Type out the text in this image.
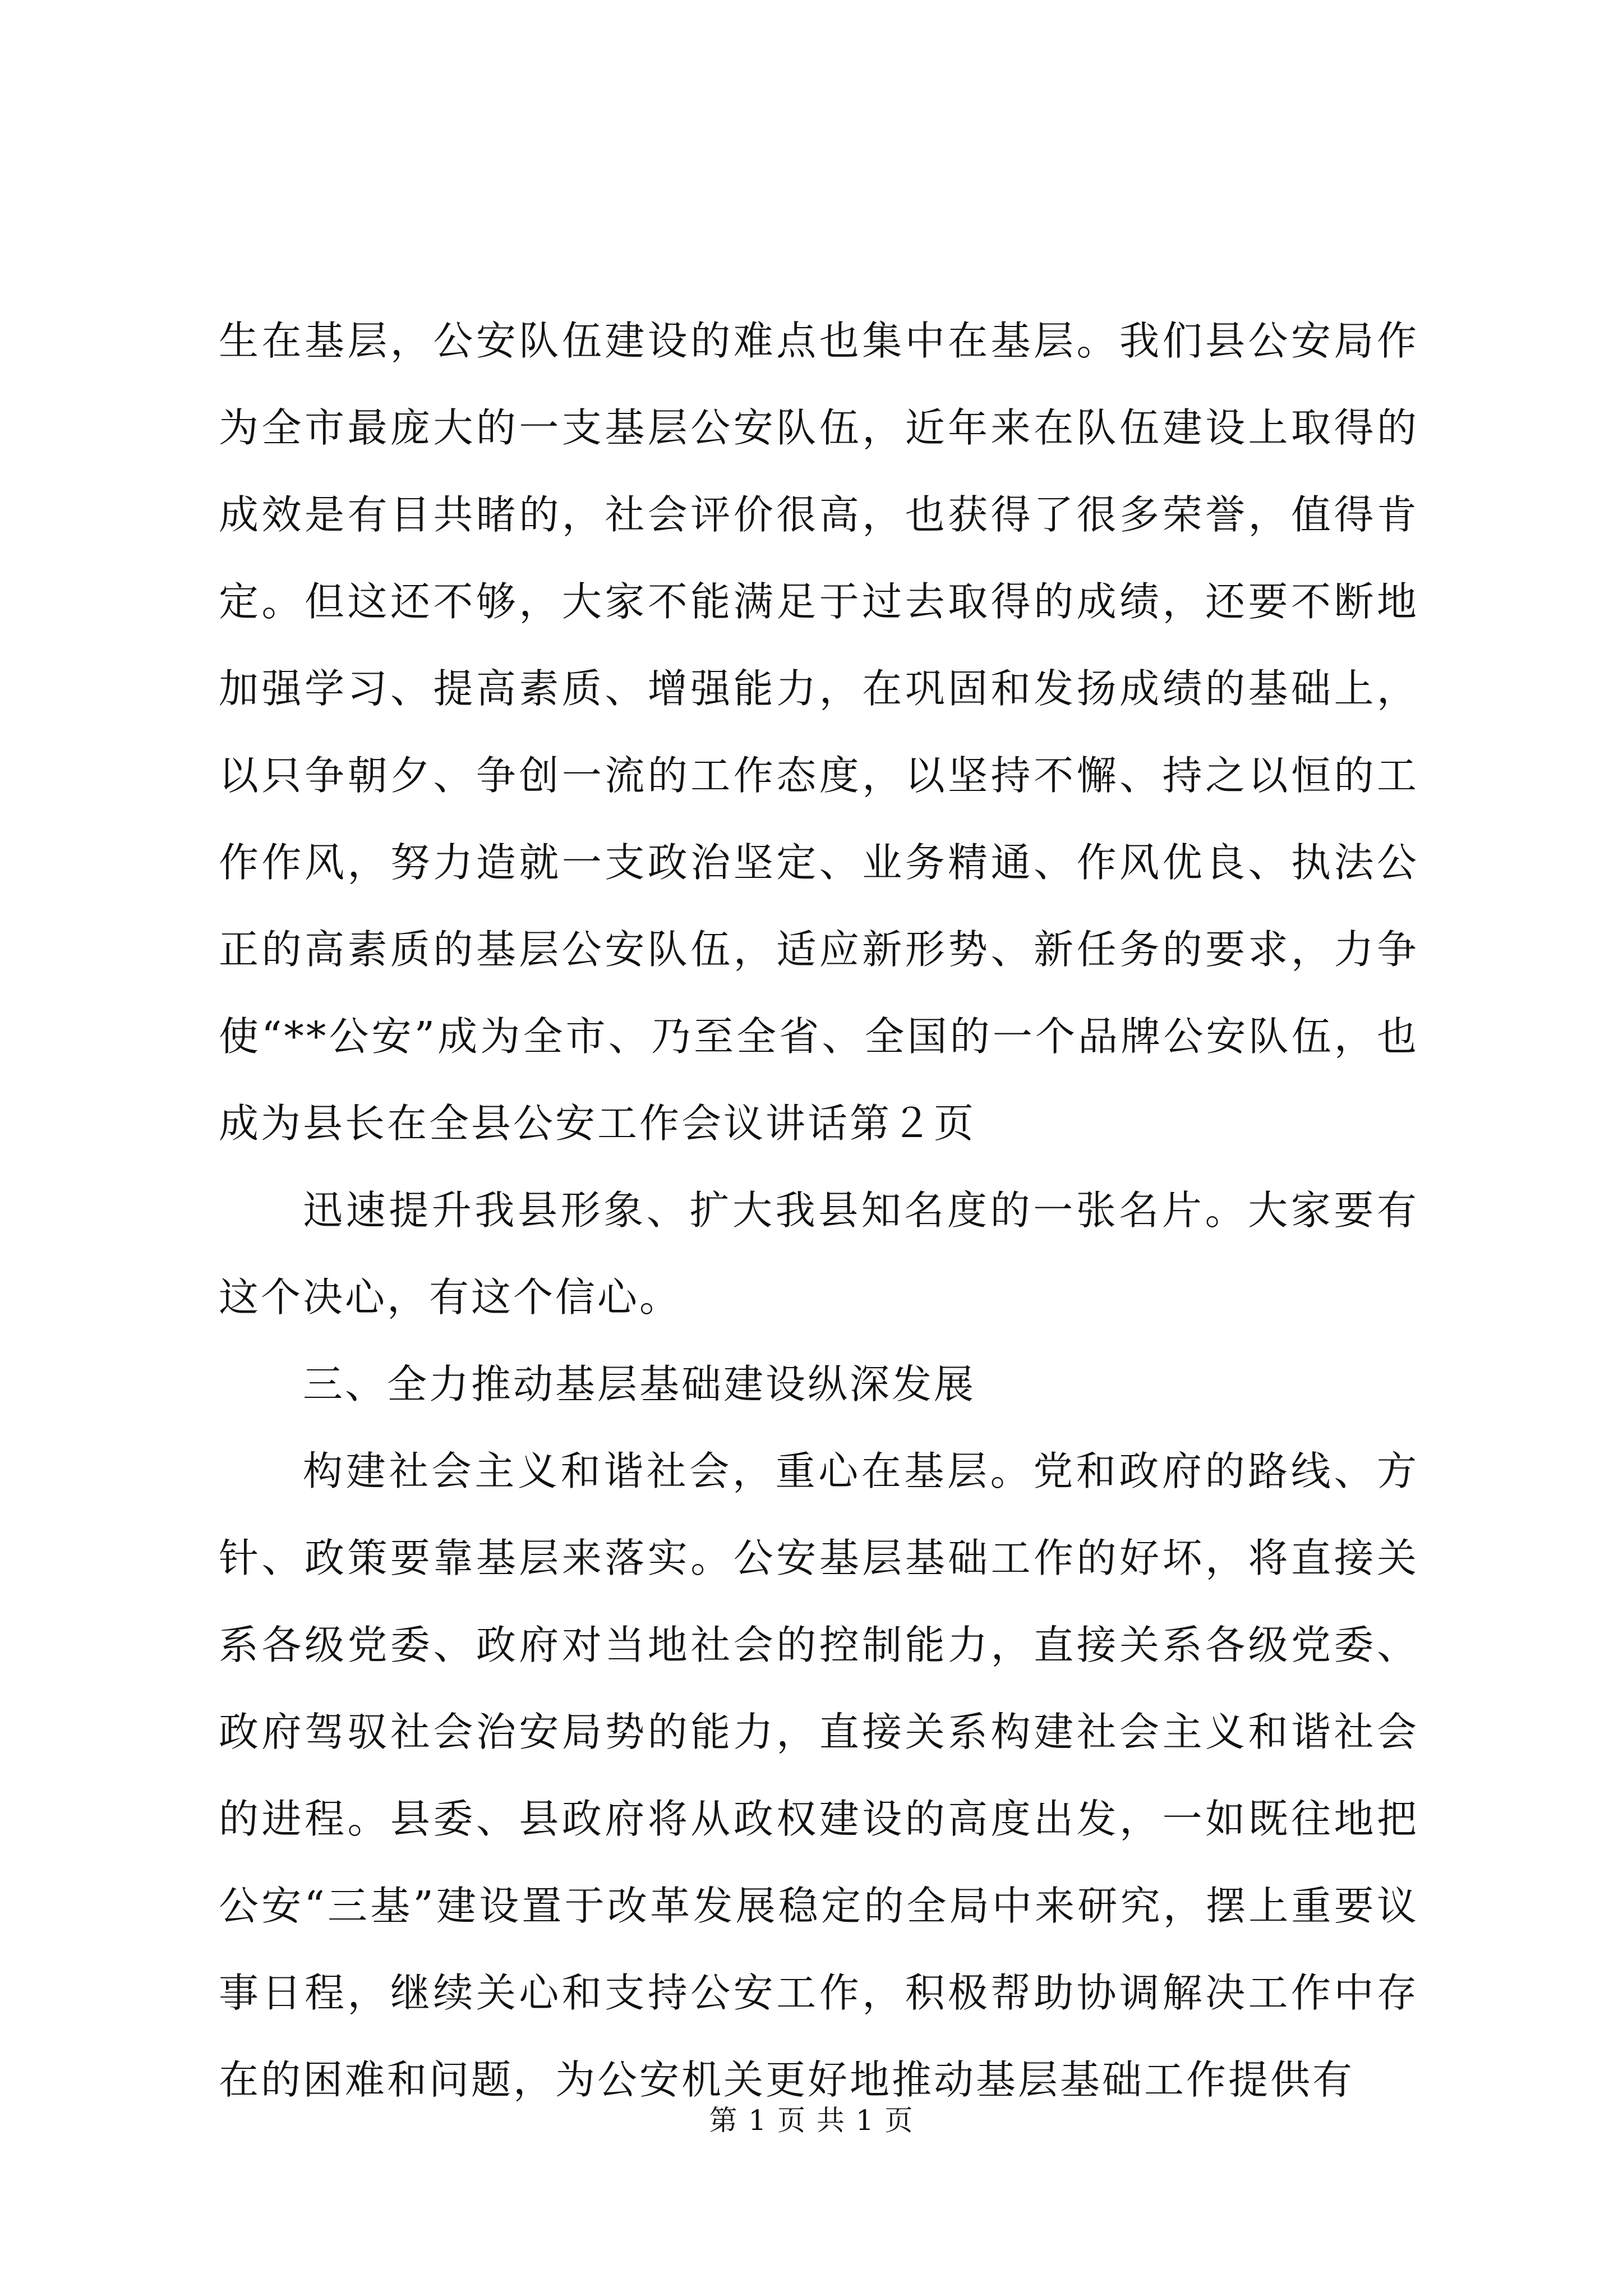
生在基层，公安队伍建设的难点也集中在基层。我们县公安局作为全市最庞大的一支基层公安队伍，近年来在队伍建设上取得的成效是有目共睹的，社会评价很高，也获得了很多荣誉，值得肯定。但这还不够，大家不能满足于过去取得的成绩，还要不断地加强学习、提高素质、增强能力，在巩固和发扬成绩的基础上，以只争朝夕、争创一流的工作态度，以坚持不懈、持之以恒的工作作风，努力造就一支政治坚定、业务精通、作风优良、执法公正的高素质的基层公安队伍，适应新形势、新任务的要求，力争使“**公安”成为全市、乃至全省、全国的一个品牌公安队伍，也成为县长在全县公安工作会议讲话第２页

迅速提升我县形象、扩大我县知名度的一张名片。大家要有这个决心，有这个信心。

三、全力推动基层基础建设纵深发展

构建社会主义和谐社会，重心在基层。党和政府的路线、方针、政策要靠基层来落实。公安基层基础工作的好坏，将直接关系各级党委、政府对当地社会的控制能力，直接关系各级党委、政府驾驭社会治安局势的能力，直接关系构建社会主义和谐社会的进程。县委、县政府将从政权建设的高度出发，一如既往地把公安“三基”建设置于改革发展稳定的全局中来研究，摆上重要议事日程，继续关心和支持公安工作，积极帮助协调解决工作中存在的困难和问题，为公安机关更好地推动基层基础工作提供有

第 1 页 共 1 页
